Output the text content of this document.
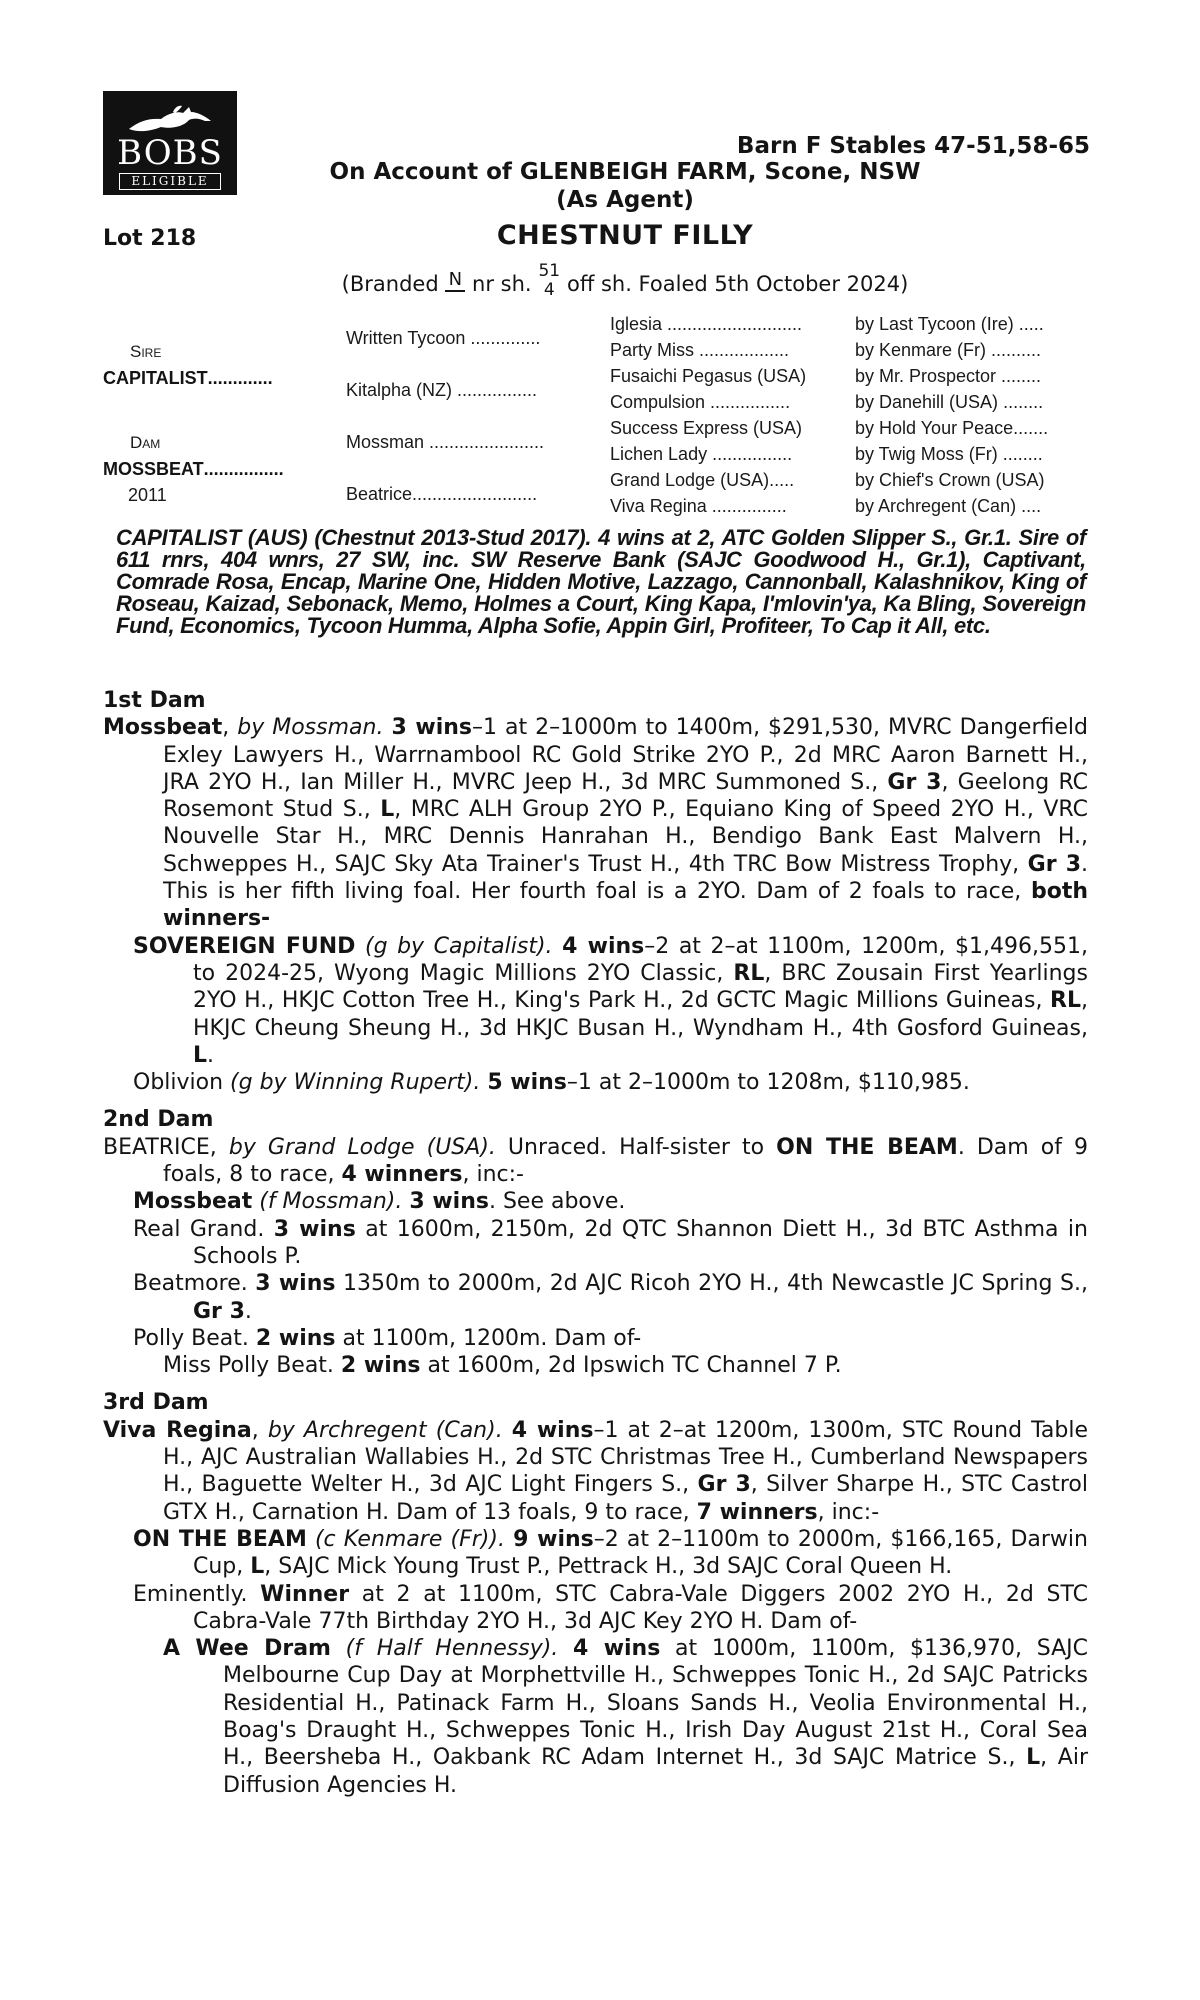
BOBS
ELIGIBLE
Barn F Stables 47-51,58-65
On Account of GLENBEIGH FARM, Scone, NSW
(As Agent)
Lot 218	CHESTNUT FILLY
(Branded N nr sh.
51
4 off sh. Foaled 5th October 2024)
Sire
CAPITALIST.............
Dam
MOSSBEAT................
2011
Written Tycoon ..............
Kitalpha (NZ) ................
Mossman .......................
Beatrice.........................
Iglesia ...........................
Party Miss ..................
Fusaichi Pegasus (USA)
Compulsion ................
Success Express (USA)
Lichen Lady ................
Grand Lodge (USA).....
Viva Regina ...............
by Last Tycoon (Ire) .....
by Kenmare (Fr) ..........
by Mr. Prospector ........
by Danehill (USA) ........
by Hold Your Peace.......
by Twig Moss (Fr) ........
by Chief's Crown (USA)
by Archregent (Can) ....
CAPITALIST (AUS) (Chestnut 2013-Stud 2017). 4 wins at 2, ATC Golden Slipper S., Gr.1. Sire of 611 rnrs, 404 wnrs, 27 SW, inc. SW Reserve Bank (SAJC Goodwood H., Gr.1), Captivant, Comrade Rosa, Encap, Marine One, Hidden Motive, Lazzago, Cannonball, Kalashnikov, King of Roseau, Kaizad, Sebonack, Memo, Holmes a Court, King Kapa, I'mlovin'ya, Ka Bling, Sovereign Fund, Economics, Tycoon Humma, Alpha Sofie, Appin Girl, Profiteer, To Cap it All, etc.
1st Dam
Mossbeat, by Mossman. 3 wins–1 at 2–1000m to 1400m, $291,530, MVRC Dangerfield Exley Lawyers H., Warrnambool RC Gold Strike 2YO P., 2d MRC Aaron Barnett H., JRA 2YO H., Ian Miller H., MVRC Jeep H., 3d MRC Summoned S., Gr 3, Geelong RC Rosemont Stud S., L, MRC ALH Group 2YO P., Equiano King of Speed 2YO H., VRC Nouvelle Star H., MRC Dennis Hanrahan H., Bendigo Bank East Malvern H., Schweppes H., SAJC Sky Ata Trainer's Trust H., 4th TRC Bow Mistress Trophy, Gr 3. This is her fifth living foal. Her fourth foal is a 2YO. Dam of 2 foals to race, both winners-
SOVEREIGN FUND (g by Capitalist). 4 wins–2 at 2–at 1100m, 1200m, $1,496,551, to 2024-25, Wyong Magic Millions 2YO Classic, RL, BRC Zousain First Yearlings 2YO H., HKJC Cotton Tree H., King's Park H., 2d GCTC Magic Millions Guineas, RL, HKJC Cheung Sheung H., 3d HKJC Busan H., Wyndham H., 4th Gosford Guineas, L.
Oblivion (g by Winning Rupert). 5 wins–1 at 2–1000m to 1208m, $110,985.
2nd Dam
BEATRICE, by Grand Lodge (USA). Unraced. Half-sister to ON THE BEAM. Dam of 9 foals, 8 to race, 4 winners, inc:-
Mossbeat (f Mossman). 3 wins. See above.
Real Grand. 3 wins at 1600m, 2150m, 2d QTC Shannon Diett H., 3d BTC Asthma in Schools P.
Beatmore. 3 wins 1350m to 2000m, 2d AJC Ricoh 2YO H., 4th Newcastle JC Spring S., Gr 3.
Polly Beat. 2 wins at 1100m, 1200m. Dam of-
Miss Polly Beat. 2 wins at 1600m, 2d Ipswich TC Channel 7 P.
3rd Dam
Viva Regina, by Archregent (Can). 4 wins–1 at 2–at 1200m, 1300m, STC Round Table H., AJC Australian Wallabies H., 2d STC Christmas Tree H., Cumberland Newspapers H., Baguette Welter H., 3d AJC Light Fingers S., Gr 3, Silver Sharpe H., STC Castrol GTX H., Carnation H. Dam of 13 foals, 9 to race, 7 winners, inc:-
ON THE BEAM (c Kenmare (Fr)). 9 wins–2 at 2–1100m to 2000m, $166,165, Darwin Cup, L, SAJC Mick Young Trust P., Pettrack H., 3d SAJC Coral Queen H.
Eminently. Winner at 2 at 1100m, STC Cabra-Vale Diggers 2002 2YO H., 2d STC Cabra-Vale 77th Birthday 2YO H., 3d AJC Key 2YO H. Dam of-
A Wee Dram (f Half Hennessy). 4 wins at 1000m, 1100m, $136,970, SAJC Melbourne Cup Day at Morphettville H., Schweppes Tonic H., 2d SAJC Patricks Residential H., Patinack Farm H., Sloans Sands H., Veolia Environmental H., Boag's Draught H., Schweppes Tonic H., Irish Day August 21st H., Coral Sea H., Beersheba H., Oakbank RC Adam Internet H., 3d SAJC Matrice S., L, Air Diffusion Agencies H.
